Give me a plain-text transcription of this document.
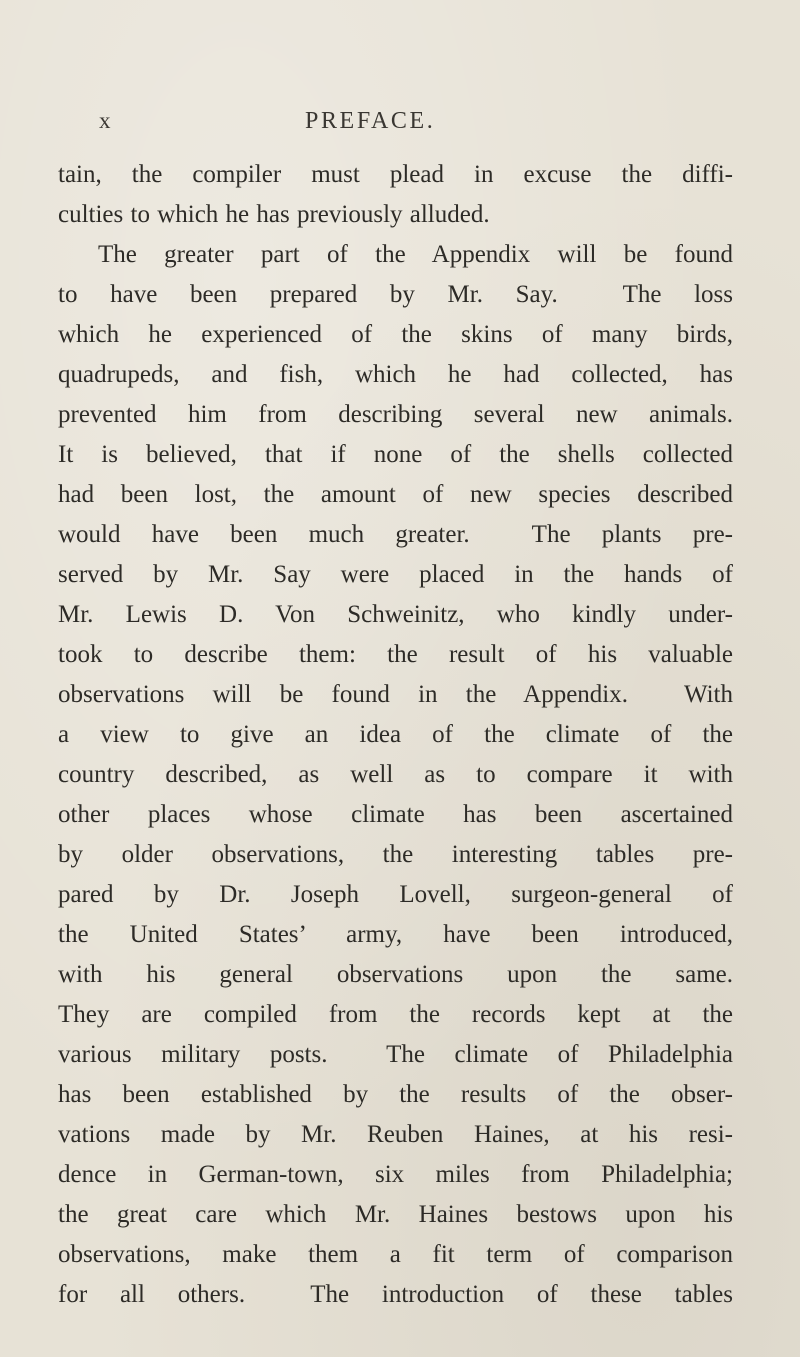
x	PREFACE.
tain, the compiler must plead in excuse the diffi-
culties to which he has previously alluded.
The greater part of the Appendix will be found
to have been prepared by Mr. Say.  The loss
which he experienced of the skins of many birds,
quadrupeds, and fish, which he had collected, has
prevented him from describing several new animals.
It is believed, that if none of the shells collected
had been lost, the amount of new species described
would have been much greater.  The plants pre-
served by Mr. Say were placed in the hands of
Mr. Lewis D. Von Schweinitz, who kindly under-
took to describe them: the result of his valuable
observations will be found in the Appendix.  With
a view to give an idea of the climate of the
country described, as well as to compare it with
other places whose climate has been ascertained
by older observations, the interesting tables pre-
pared by Dr. Joseph Lovell, surgeon-general of
the United States’ army, have been introduced,
with his general observations upon the same.
They are compiled from the records kept at the
various military posts.  The climate of Philadelphia
has been established by the results of the obser-
vations made by Mr. Reuben Haines, at his resi-
dence in German-town, six miles from Philadelphia;
the great care which Mr. Haines bestows upon his
observations, make them a fit term of comparison
for all others.  The introduction of these tables
